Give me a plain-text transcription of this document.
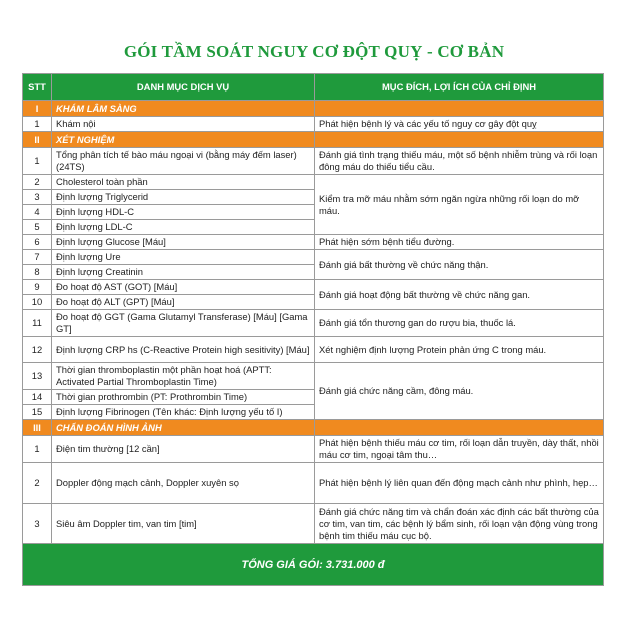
GÓI TẦM SOÁT NGUY CƠ ĐỘT QUỴ - CƠ BẢN
STT	DANH MỤC DỊCH VỤ	MỤC ĐÍCH, LỢI ÍCH CỦA CHỈ ĐỊNH
I	KHÁM LÂM SÀNG	
1	Khám nội	Phát hiện bệnh lý và các yếu tố nguy cơ gây đột quỵ
II	XÉT NGHIỆM	
1	Tổng phân tích tế bào máu ngoại vi (bằng máy đếm laser) (24TS)	Đánh giá tình trạng thiếu máu, một số bệnh nhiễm trùng và rối loạn đông máu do thiếu tiểu cầu.
2	Cholesterol toàn phần	Kiểm tra mỡ máu nhằm sớm ngăn ngừa những rối loạn do mỡ máu.
3	Định lượng Triglycerid	
4	Định lượng HDL-C	
5	Định lượng LDL-C	
6	Định lượng Glucose [Máu]	Phát hiện sớm bệnh tiểu đường.
7	Định lượng Ure	Đánh giá bất thường về chức năng thận.
8	Định lượng Creatinin	
9	Đo hoạt độ AST (GOT) [Máu]	Đánh giá hoạt động bất thường về chức năng gan.
10	Đo hoạt độ ALT (GPT) [Máu]	
11	Đo hoạt độ GGT (Gama Glutamyl Transferase) [Máu] [Gama GT]	Đánh giá tổn thương gan do rượu bia, thuốc lá.
12	Định lượng CRP hs (C-Reactive Protein high sesitivity) [Máu]	Xét nghiệm định lượng Protein phản ứng C trong máu.
13	Thời gian thromboplastin một phần hoạt hoá (APTT: Activated Partial Thromboplastin Time)	Đánh giá chức năng cầm, đông máu.
14	Thời gian prothrombin (PT: Prothrombin Time)	
15	Định lượng Fibrinogen (Tên khác: Định lượng yếu tố I)	
III	CHẨN ĐOÁN HÌNH ẢNH	
1	Điện tim thường [12 cần]	Phát hiện bệnh thiếu máu cơ tim, rối loạn dẫn truyền, dày thất, nhồi máu cơ tim, ngoại tâm thu…
2	Doppler động mạch cảnh, Doppler xuyên sọ	Phát hiện bệnh lý liên quan đến động mạch cảnh như phình, hẹp…
3	Siêu âm Doppler tim, van tim [tim]	Đánh giá chức năng tim và chẩn đoán xác định các bất thường của cơ tim, van tim, các bệnh lý bẩm sinh, rối loạn vận động vùng trong bệnh tim thiếu máu cục bộ.
TỔNG GIÁ GÓI: 3.731.000 đ		
